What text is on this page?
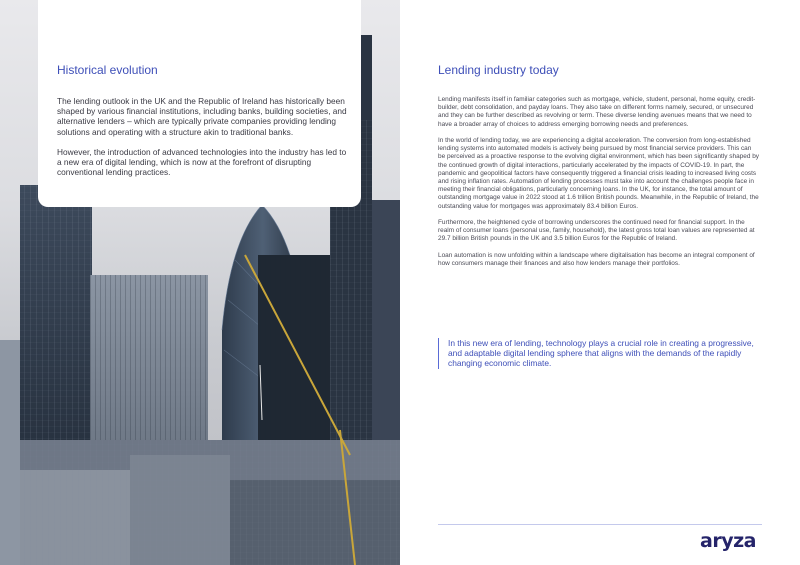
Historical evolution

The lending outlook in the UK and the Republic of Ireland has historically been shaped by various financial institutions, including banks, building societies, and alternative lenders – which are typically private companies providing lending solutions and operating with a structure akin to traditional banks.

However, the introduction of advanced technologies into the industry has led to a new era of digital lending, which is now at the forefront of disrupting conventional lending practices.

Lending industry today

Lending manifests itself in familiar categories such as mortgage, vehicle, student, personal, home equity, credit-builder, debt consolidation, and payday loans. They also take on different forms namely, secured, or unsecured and they can be further described as revolving or term. These diverse lending avenues means that we need to have a broader array of choices to address emerging borrowing needs and preferences.

In the world of lending today, we are experiencing a digital acceleration. The conversion from long-established lending systems into automated models is actively being pursued by most financial service providers. This can be perceived as a proactive response to the evolving digital environment, which has been significantly shaped by the continued growth of digital interactions, particularly accelerated by the impacts of COVID-19. In part, the pandemic and geopolitical factors have consequently triggered a financial crisis leading to increased living costs and rising inflation rates. Automation of lending processes must take into account the challenges people face in meeting their financial obligations, particularly concerning loans. In the UK, for instance, the total amount of outstanding mortgage value in 2022 stood at 1.6 trillion British pounds. Meanwhile, in the Republic of Ireland, the outstanding value for mortgages was approximately 83.4 billion Euros.

Furthermore, the heightened cycle of borrowing underscores the continued need for financial support. In the realm of consumer loans (personal use, family, household), the latest gross total loan values are represented at 29.7 billion British pounds in the UK and 3.5 billion Euros for the Republic of Ireland.

Loan automation is now unfolding within a landscape where digitalisation has become an integral component of how consumers manage their finances and also how lenders manage their portfolios.

In this new era of lending, technology plays a crucial role in creating a progressive, and adaptable digital lending sphere that aligns with the demands of the rapidly changing economic climate.
aryza
